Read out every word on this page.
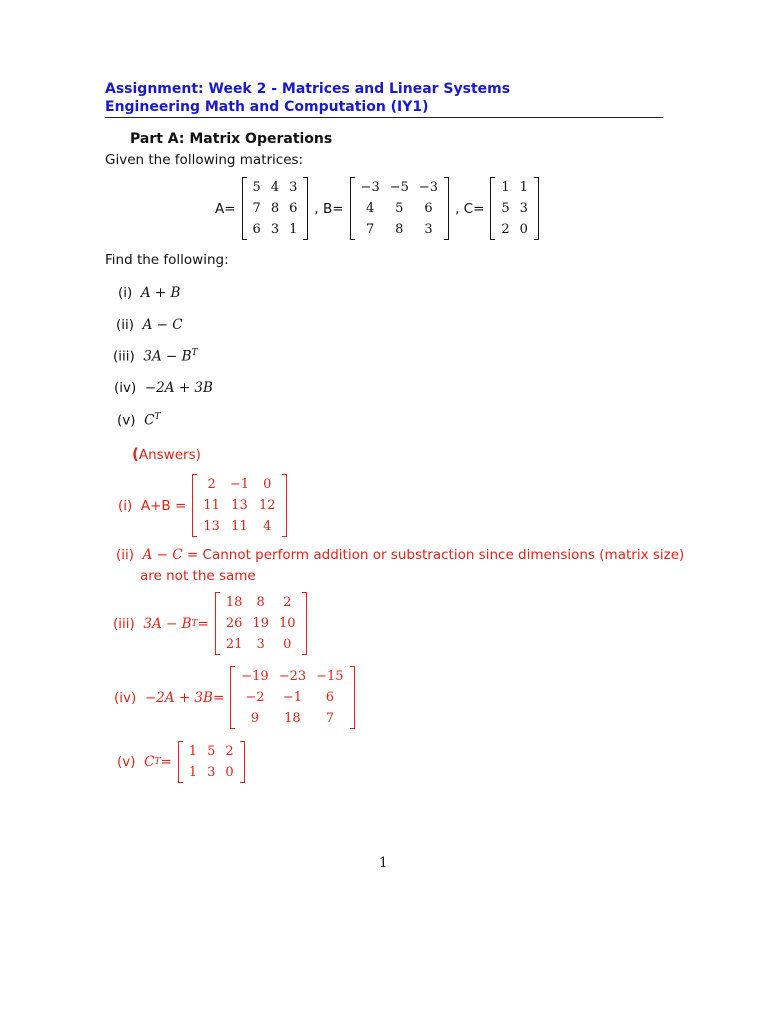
Assignment: Week 2 - Matrices and Linear Systems
Engineering Math and Computation (IY1)
Part A: Matrix Operations
Given the following matrices:
A=
5	4	3
7	8	6
6	3	1
, B=
−3	−5	−3
4	5	6
7	8	3
, C=
1	1
5	3
2	0
Find the following:
(i) A + B
(ii) A − C
(iii) $3A - B^T$
(iv) −2A + 3B
(v) $C^T$
(Answers)
(i)
A+B =
2	−1	0
11	13	12
13	11	4
(ii) A − C = Cannot perform addition or substraction since dimensions (matrix size)
are not the same
(iii)
3A − B T =
18	8	2
26	19	10
21	3	0
(iv)
−2A + 3B =
−19	−23	−15
−2	−1	6
9	18	7
(v)
C T =
1	5	2
1	3	0
1
